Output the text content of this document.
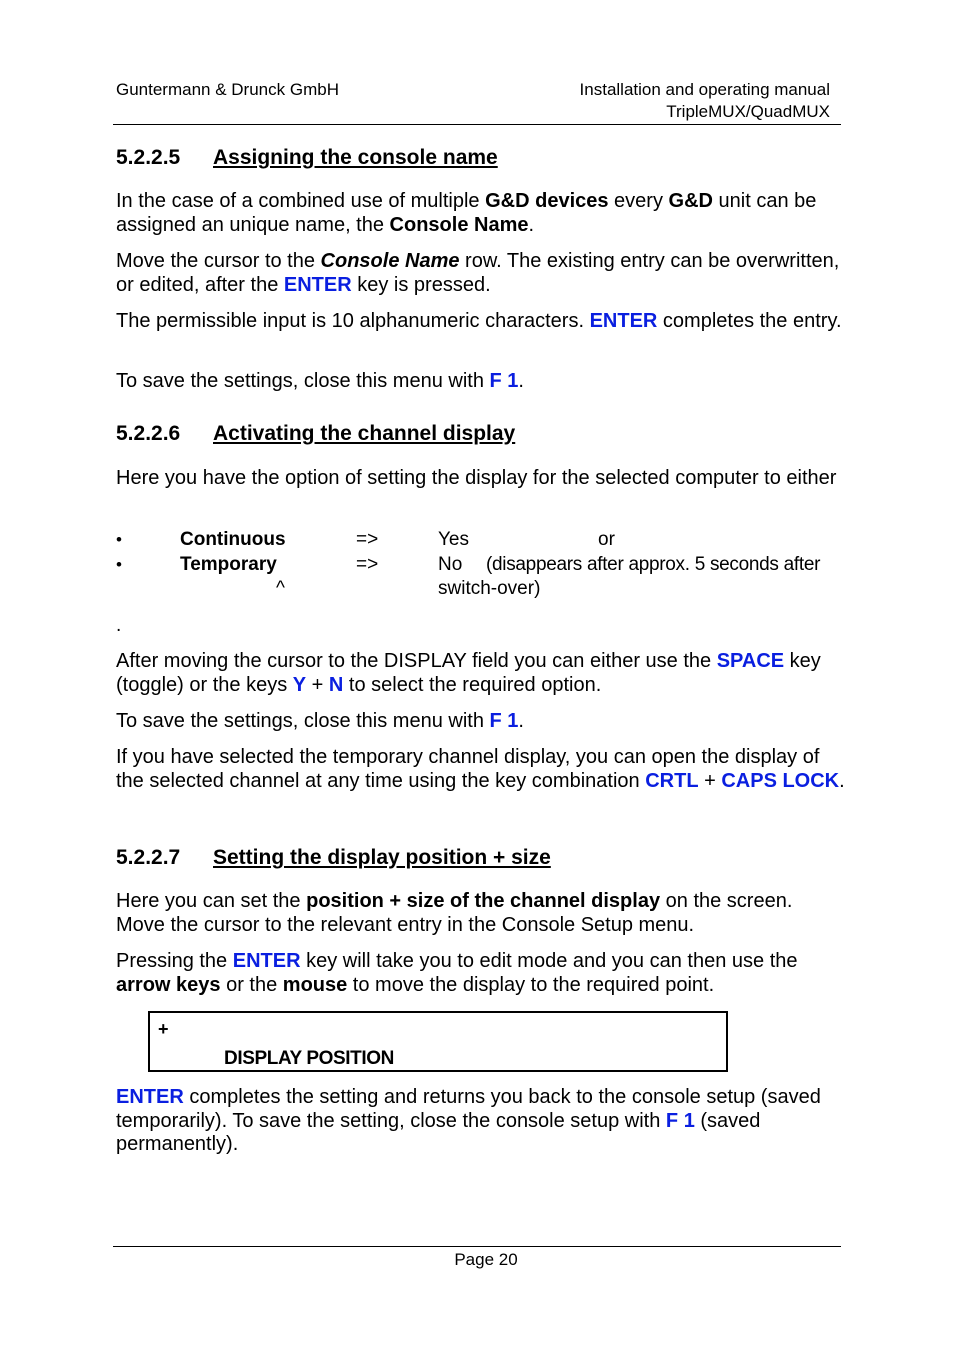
Guntermann & Drunck GmbH	Installation and operating manual
TripleMUX/QuadMUX
5.2.2.5 Assigning the console name

In the case of a combined use of multiple G&D devices every G&D unit can be assigned an unique name, the Console Name.

Move the cursor to the Console Name row. The existing entry can be overwritten, or edited, after the ENTER key is pressed.

The permissible input is 10 alphanumeric characters. ENTER completes the entry.

To save the settings, close this menu with F 1.

5.2.2.6 Activating the channel display

Here you have the option of setting the display for the selected computer to either

•	Continuous	=>	Yes	or
•	Temporary	=>	No (disappears after approx. 5 seconds after
^	switch-over)
.

After moving the cursor to the DISPLAY field you can either use the SPACE key (toggle) or the keys Y + N to select the required option.

To save the settings, close this menu with F 1.

If you have selected the temporary channel display, you can open the display of the selected channel at any time using the key combination CRTL + CAPS LOCK.

5.2.2.7 Setting the display position + size

Here you can set the position + size of the channel display on the screen. Move the cursor to the relevant entry in the Console Setup menu.

Pressing the ENTER key will take you to edit mode and you can then use the arrow keys or the mouse to move the display to the required point.

+
DISPLAY POSITION

ENTER completes the setting and returns you back to the console setup (saved temporarily). To save the setting, close the console setup with F 1 (saved permanently).

Page 20
